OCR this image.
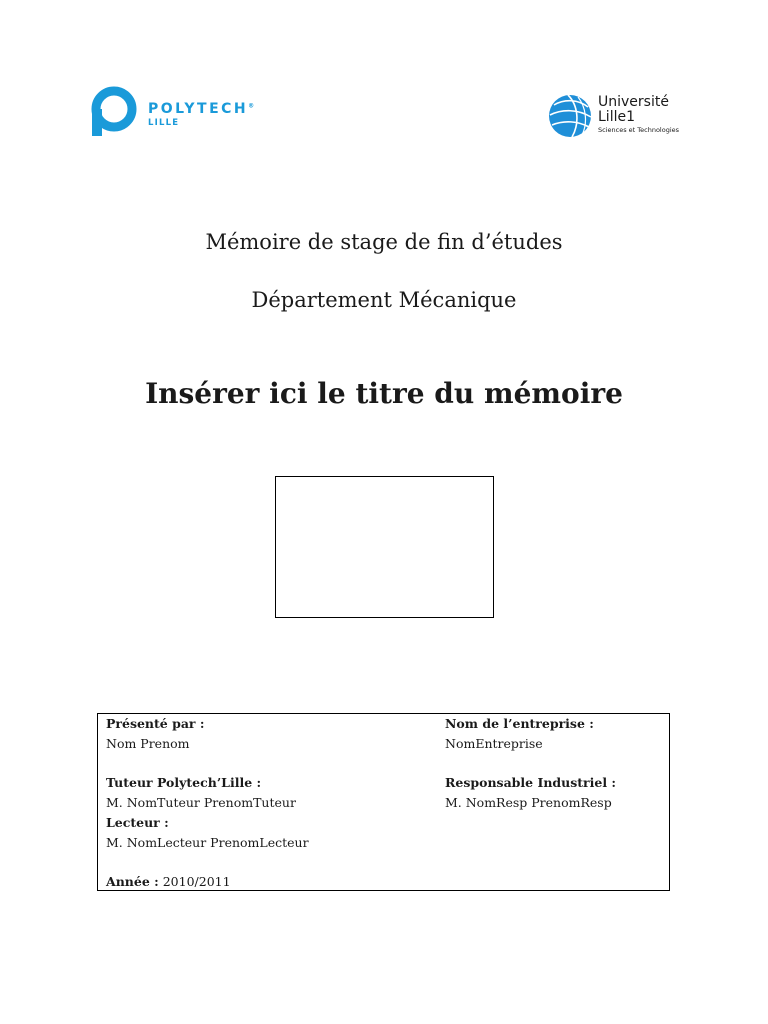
POLYTECH®
LILLE
Université
Lille1
Sciences et Technologies
Mémoire de stage de fin d’études
Département Mécanique
Insérer ici le titre du mémoire
Présenté par :
Nom Prenom
Nom de l’entreprise :
NomEntreprise
Tuteur Polytech’Lille :
M. NomTuteur PrenomTuteur
Responsable Industriel :
M. NomResp PrenomResp
Lecteur :
M. NomLecteur PrenomLecteur
Année : 2010/2011
